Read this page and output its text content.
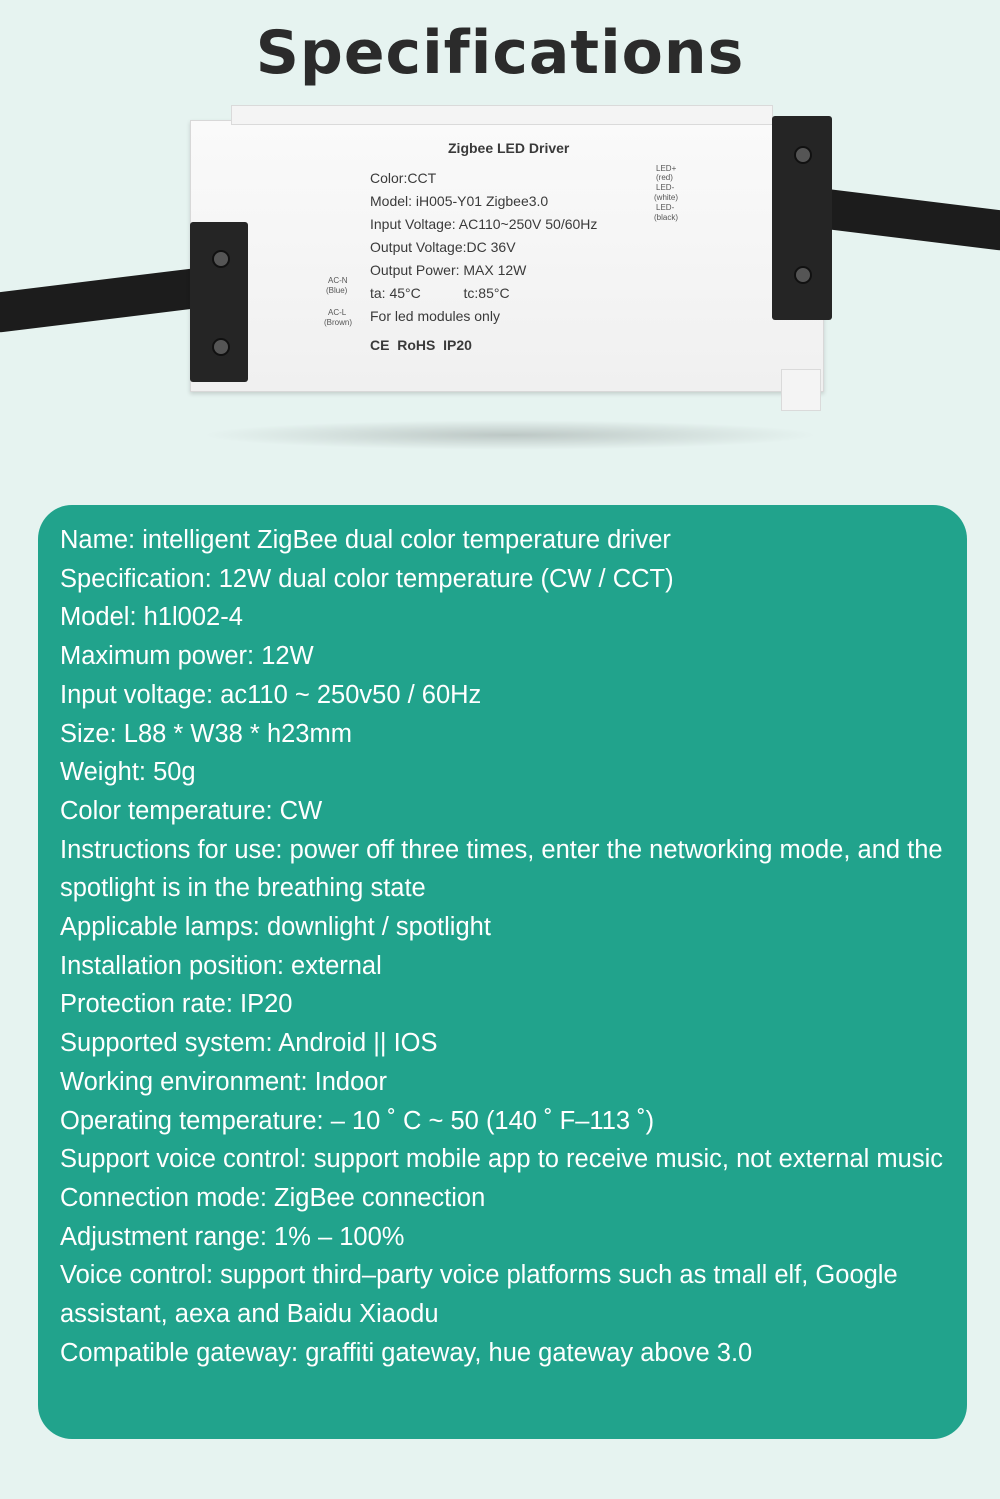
Specifications
Zigbee LED Driver
Color:CCT
Model: iH005-Y01 Zigbee3.0
Input Voltage: AC110~250V 50/60Hz
Output Voltage:DC 36V
Output Power: MAX 12W
ta: 45°C           tc:85°C
For led modules only
CE  RoHS  IP20
AC-N
(Blue)
AC-L
(Brown)
LED+
(red)
LED-
(white)
LED-
(black)
Name: intelligent ZigBee dual color temperature driver
Specification: 12W dual color temperature (CW / CCT)
Model: h1l002-4
Maximum power: 12W
Input voltage: ac110 ~ 250v50 / 60Hz
Size: L88 * W38 * h23mm
Weight: 50g
Color temperature: CW
Instructions for use: power off three times, enter the networking mode, and the spotlight is in the breathing state
Applicable lamps: downlight / spotlight
Installation position: external
Protection rate: IP20
Supported system: Android || IOS
Working environment: Indoor
Operating temperature: – 10 ˚ C ~ 50 (140 ˚ F–113 ˚)
Support voice control: support mobile app to receive music, not external music
Connection mode: ZigBee connection
Adjustment range: 1% – 100%
Voice control: support third–party voice platforms such as tmall elf, Google assistant, aexa and Baidu Xiaodu
Compatible gateway: graffiti gateway, hue gateway above 3.0
